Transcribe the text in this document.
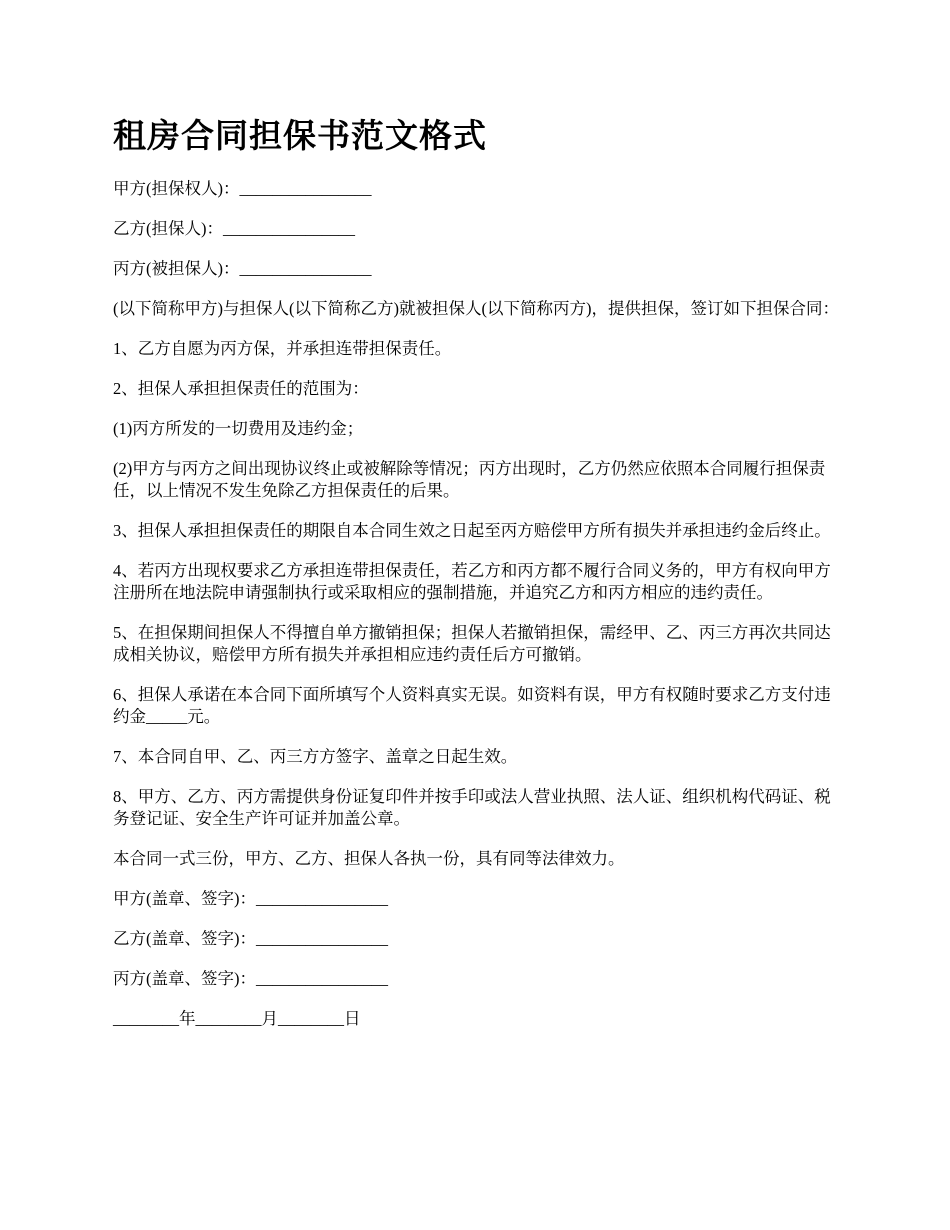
租房合同担保书范文格式

甲方(担保权人)：________________

乙方(担保人)：________________

丙方(被担保人)：________________

(以下简称甲方)与担保人(以下简称乙方)就被担保人(以下简称丙方)，提供担保，签订如下担保合同：

1、乙方自愿为丙方保，并承担连带担保责任。

2、担保人承担担保责任的范围为：

(1)丙方所发的一切费用及违约金；

(2)甲方与丙方之间出现协议终止或被解除等情况；丙方出现时，乙方仍然应依照本合同履行担保责任，以上情况不发生免除乙方担保责任的后果。

3、担保人承担担保责任的期限自本合同生效之日起至丙方赔偿甲方所有损失并承担违约金后终止。

4、若丙方出现权要求乙方承担连带担保责任，若乙方和丙方都不履行合同义务的，甲方有权向甲方注册所在地法院申请强制执行或采取相应的强制措施，并追究乙方和丙方相应的违约责任。

5、在担保期间担保人不得擅自单方撤销担保；担保人若撤销担保，需经甲、乙、丙三方再次共同达成相关协议，赔偿甲方所有损失并承担相应违约责任后方可撤销。

6、担保人承诺在本合同下面所填写个人资料真实无误。如资料有误，甲方有权随时要求乙方支付违约金_____元。

7、本合同自甲、乙、丙三方方签字、盖章之日起生效。

8、甲方、乙方、丙方需提供身份证复印件并按手印或法人营业执照、法人证、组织机构代码证、税务登记证、安全生产许可证并加盖公章。

本合同一式三份，甲方、乙方、担保人各执一份，具有同等法律效力。

甲方(盖章、签字)：________________

乙方(盖章、签字)：________________

丙方(盖章、签字)：________________

________年________月________日
